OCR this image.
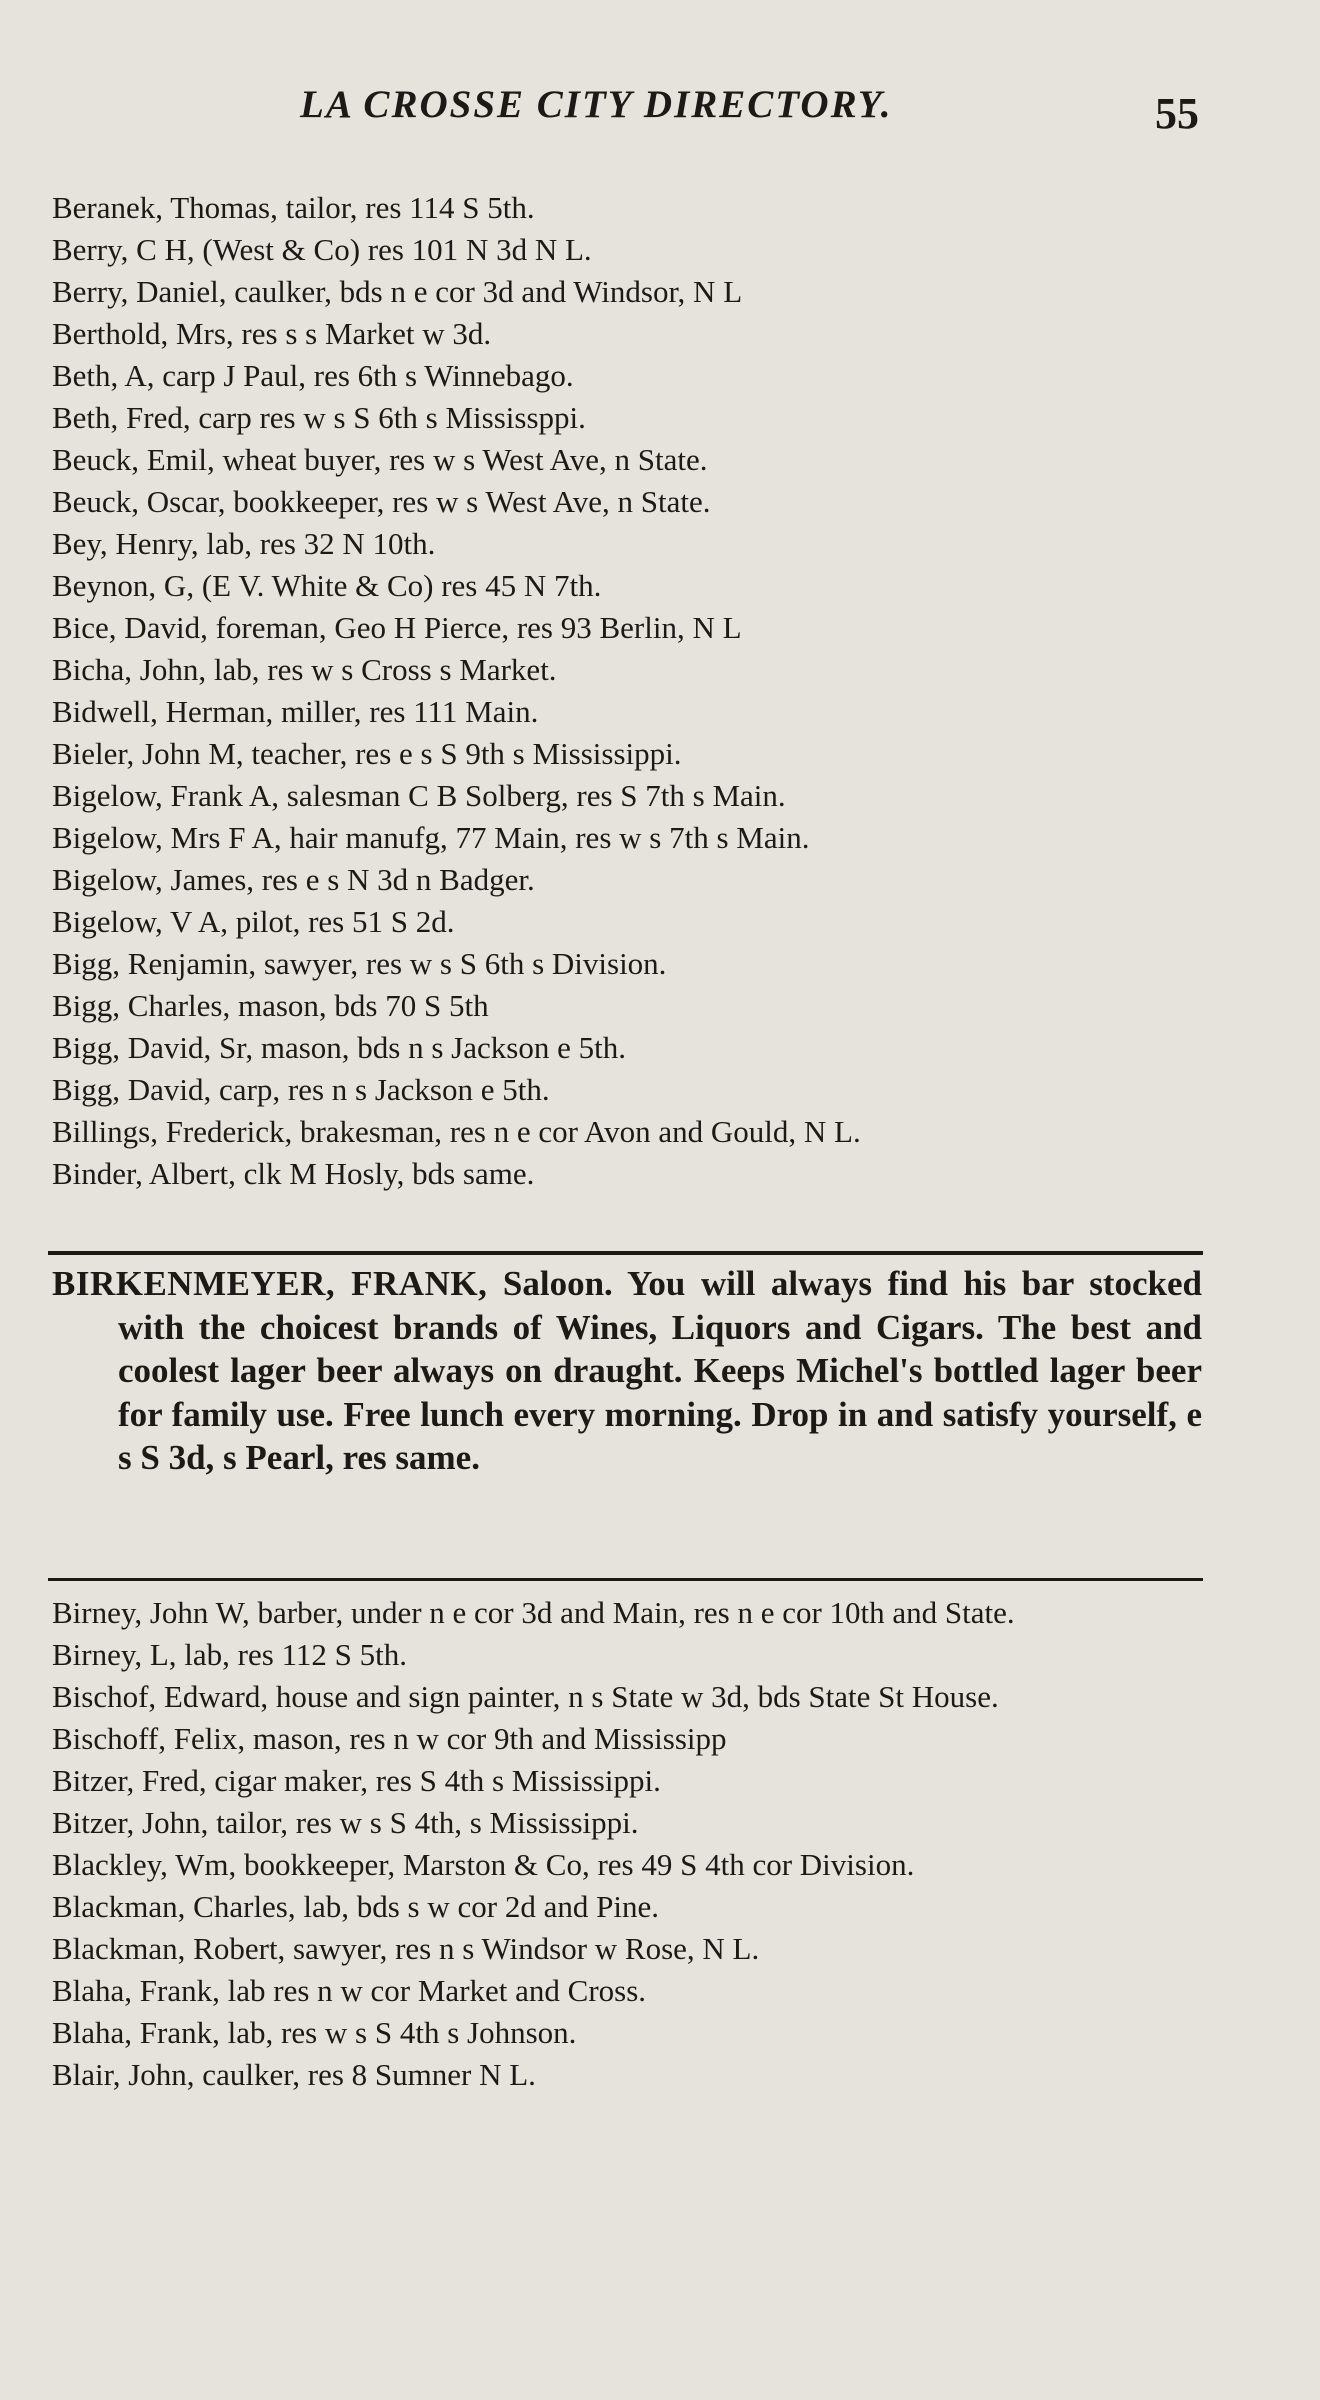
LA CROSSE CITY DIRECTORY.	55
Beranek, Thomas, tailor, res 114 S 5th.
Berry, C H, (West & Co) res 101 N 3d N L.
Berry, Daniel, caulker, bds n e cor 3d and Windsor, N L
Berthold, Mrs, res s s Market w 3d.
Beth, A, carp J Paul, res 6th s Winnebago.
Beth, Fred, carp res w s S 6th s Mississppi.
Beuck, Emil, wheat buyer, res w s West Ave, n State.
Beuck, Oscar, bookkeeper, res w s West Ave, n State.
Bey, Henry, lab, res 32 N 10th.
Beynon, G, (E V. White & Co) res 45 N 7th.
Bice, David, foreman, Geo H Pierce, res 93 Berlin, N L
Bicha, John, lab, res w s Cross s Market.
Bidwell, Herman, miller, res 111 Main.
Bieler, John M, teacher, res e s S 9th s Mississippi.
Bigelow, Frank A, salesman C B Solberg, res S 7th s Main.
Bigelow, Mrs F A, hair manufg, 77 Main, res w s 7th s Main.
Bigelow, James, res e s N 3d n Badger.
Bigelow, V A, pilot, res 51 S 2d.
Bigg, Renjamin, sawyer, res w s S 6th s Division.
Bigg, Charles, mason, bds 70 S 5th
Bigg, David, Sr, mason, bds n s Jackson e 5th.
Bigg, David, carp, res n s Jackson e 5th.
Billings, Frederick, brakesman, res n e cor Avon and Gould, N L.
Binder, Albert, clk M Hosly, bds same.
BIRKENMEYER, FRANK, Saloon. You will always find his bar stocked with the choicest brands of Wines, Liquors and Cigars. The best and coolest lager beer always on draught. Keeps Michel's bottled lager beer for family use. Free lunch every morning. Drop in and satisfy yourself, e s S 3d, s Pearl, res same.
Birney, John W, barber, under n e cor 3d and Main, res n e cor 10th and State.
Birney, L, lab, res 112 S 5th.
Bischof, Edward, house and sign painter, n s State w 3d, bds State St House.
Bischoff, Felix, mason, res n w cor 9th and Mississipp
Bitzer, Fred, cigar maker, res S 4th s Mississippi.
Bitzer, John, tailor, res w s S 4th, s Mississippi.
Blackley, Wm, bookkeeper, Marston & Co, res 49 S 4th cor Division.
Blackman, Charles, lab, bds s w cor 2d and Pine.
Blackman, Robert, sawyer, res n s Windsor w Rose, N L.
Blaha, Frank, lab res n w cor Market and Cross.
Blaha, Frank, lab, res w s S 4th s Johnson.
Blair, John, caulker, res 8 Sumner N L.
